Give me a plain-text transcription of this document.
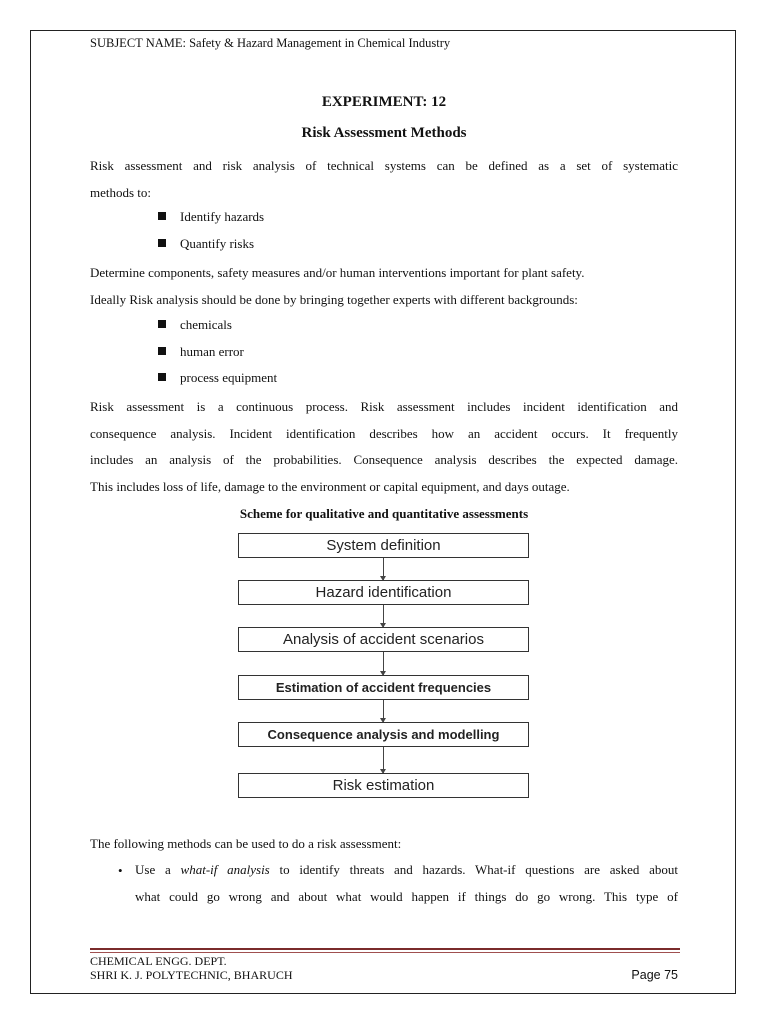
SUBJECT NAME: Safety & Hazard Management in Chemical Industry
EXPERIMENT: 12
Risk Assessment Methods
Risk assessment and risk analysis of technical systems can be defined as a set of systematic
methods to:
Identify hazards
Quantify risks
Determine components, safety measures and/or human interventions important for plant safety.
Ideally Risk analysis should be done by bringing together experts with different backgrounds:
chemicals
human error
process equipment
Risk assessment is a continuous process. Risk assessment includes incident identification and
consequence analysis. Incident identification describes how an accident occurs. It frequently
includes an analysis of the probabilities. Consequence analysis describes the expected damage.
This includes loss of life, damage to the environment or capital equipment, and days outage.
Scheme for qualitative and quantitative assessments
System definition
Hazard identification
Analysis of accident scenarios
Estimation of accident frequencies
Consequence analysis and modelling
Risk estimation
The following methods can be used to do a risk assessment:
• Use a what-if analysis to identify threats and hazards. What-if questions are asked about
what could go wrong and about what would happen if things do go wrong. This type of
CHEMICAL ENGG. DEPT.
SHRI K. J. POLYTECHNIC, BHARUCH	Page 75
